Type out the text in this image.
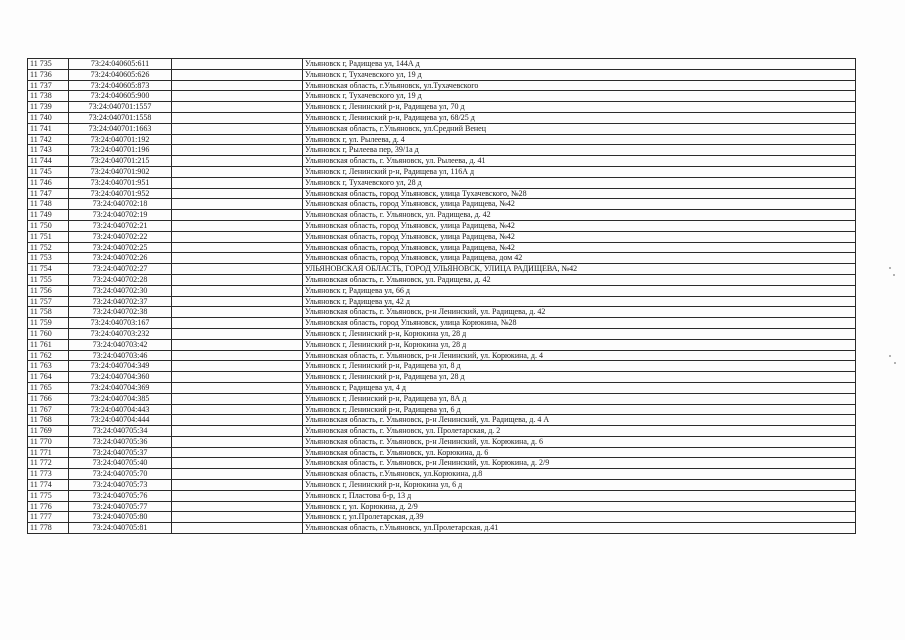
11 735	73:24:040605:611		Ульяновск г, Радищева ул, 144А д
11 736	73:24:040605:626		Ульяновск г, Тухачевского ул, 19 д
11 737	73:24:040605:873		Ульяновская область, г.Ульяновск, ул.Тухачевского
11 738	73:24:040605:900		Ульяновск г, Тухачевского ул, 19 д
11 739	73:24:040701:1557		Ульяновск г, Ленинский р-н, Радищева ул, 70 д
11 740	73:24:040701:1558		Ульяновск г, Ленинский р-н, Радищева ул, 68/25 д
11 741	73:24:040701:1663		Ульяновская область, г.Ульяновск, ул.Средний Венец
11 742	73:24:040701:192		Ульяновск г, ул. Рылеева, д. 4
11 743	73:24:040701:196		Ульяновск г, Рылеева пер, 39/1а д
11 744	73:24:040701:215		Ульяновская область, г. Ульяновск, ул. Рылеева, д. 41
11 745	73:24:040701:902		Ульяновск г, Ленинский р-н, Радищева ул, 116А д
11 746	73:24:040701:951		Ульяновск г, Тухачевского ул, 28 д
11 747	73:24:040701:952		Ульяновская область, город Ульяновск, улица Тухачевского, №28
11 748	73:24:040702:18		Ульяновская область, город Ульяновск, улица Радищева, №42
11 749	73:24:040702:19		Ульяновская область, г. Ульяновск, ул. Радищева, д. 42
11 750	73:24:040702:21		Ульяновская область, город Ульяновск, улица Радищева, №42
11 751	73:24:040702:22		Ульяновская область, город Ульяновск, улица Радищева, №42
11 752	73:24:040702:25		Ульяновская область, город Ульяновск, улица Радищева, №42
11 753	73:24:040702:26		Ульяновская область, город Ульяновск, улица Радищева, дом 42
11 754	73:24:040702:27		УЛЬЯНОВСКАЯ ОБЛАСТЬ, ГОРОД УЛЬЯНОВСК, УЛИЦА РАДИЩЕВА, №42
11 755	73:24:040702:28		Ульяновская область, г. Ульяновск, ул. Радищева, д. 42
11 756	73:24:040702:30		Ульяновск г, Радищева ул, 66 д
11 757	73:24:040702:37		Ульяновск г, Радищева ул, 42 д
11 758	73:24:040702:38		Ульяновская область, г. Ульяновск, р-н Ленинский, ул. Радищева, д. 42
11 759	73:24:040703:167		Ульяновская область, город Ульяновск, улица Корюкина, №28
11 760	73:24:040703:232		Ульяновск г, Ленинский р-н, Корюкина ул, 28 д
11 761	73:24:040703:42		Ульяновск г, Ленинский р-н, Корюкина ул, 28 д
11 762	73:24:040703:46		Ульяновская область, г. Ульяновск, р-н Ленинский, ул. Корюкина, д. 4
11 763	73:24:040704:349		Ульяновск г, Ленинский р-н, Радищева ул, 8 д
11 764	73:24:040704:360		Ульяновск г, Ленинский р-н, Радищева ул, 28 д
11 765	73:24:040704:369		Ульяновск г, Радищева ул, 4 д
11 766	73:24:040704:385		Ульяновск г, Ленинский р-н, Радищева ул, 8А д
11 767	73:24:040704:443		Ульяновск г, Ленинский р-н, Радищева ул, 6 д
11 768	73:24:040704:444		Ульяновская область, г. Ульяновск, р-н Ленинский, ул. Радищева, д. 4 А
11 769	73:24:040705:34		Ульяновская область, г. Ульяновск, ул. Пролетарская, д. 2
11 770	73:24:040705:36		Ульяновская область, г. Ульяновск, р-н Ленинский, ул. Корюкина, д. 6
11 771	73:24:040705:37		Ульяновская область, г. Ульяновск, ул. Корюкина, д. 6
11 772	73:24:040705:40		Ульяновская область, г. Ульяновск, р-н Ленинский, ул. Корюкина, д. 2/9
11 773	73:24:040705:70		Ульяновская область, г.Ульяновск, ул.Корюкина, д.8
11 774	73:24:040705:73		Ульяновск г, Ленинский р-н, Корюкина ул, 6 д
11 775	73:24:040705:76		Ульяновск г, Пластова б-р, 13 д
11 776	73:24:040705:77		Ульяновск г, ул. Корюкина, д. 2/9
11 777	73:24:040705:80		Ульяновск г, ул.Пролетарская, д.39
11 778	73:24:040705:81		Ульяновская область, г.Ульяновск, ул.Пролетарская, д.41
